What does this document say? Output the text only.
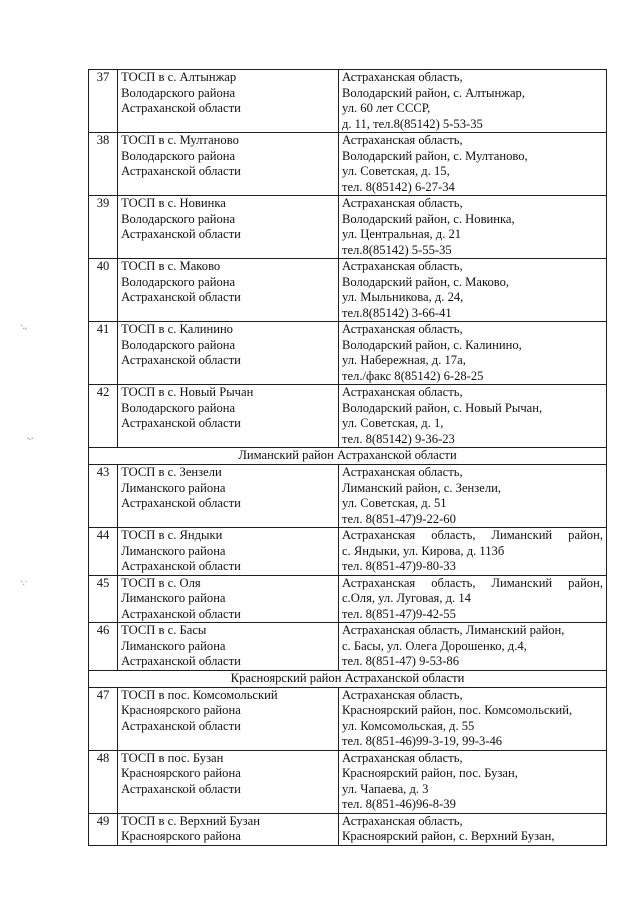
·.,
·-·
·.·
37	ТОСП в с. Алтынжар
Володарского района
Астраханской области	Астраханская область,
Володарский район, с. Алтынжар,
ул. 60 лет СССР,
д. 11, тел.8(85142) 5-53-35

38	ТОСП в с. Мултаново
Володарского района
Астраханской области	Астраханская область,
Володарский район, с. Мултаново,
ул. Советская, д. 15,
тел. 8(85142) 6-27-34

39	ТОСП в с. Новинка
Володарского района
Астраханской области	Астраханская область,
Володарский район, с. Новинка,
ул. Центральная, д. 21
тел.8(85142) 5-55-35

40	ТОСП в с. Маково
Володарского района
Астраханской области	Астраханская область,
Володарский район, с. Маково,
ул. Мыльникова, д. 24,
тел.8(85142) 3-66-41

41	ТОСП в с. Калинино
Володарского района
Астраханской области	Астраханская область,
Володарский район, с. Калинино,
ул. Набережная, д. 17а,
тел./факс 8(85142) 6-28-25

42	ТОСП в с. Новый Рычан
Володарского района
Астраханской области	Астраханская область,
Володарский район, с. Новый Рычан,
ул. Советская, д. 1,
тел. 8(85142) 9-36-23

Лиманский район Астраханской области		
43	ТОСП в с. Зензели
Лиманского района
Астраханской области	Астраханская область,
Лиманский район, с. Зензели,
ул. Советская, д. 51
тел. 8(851-47)9-22-60

44	ТОСП в с. Яндыки
Лиманского района
Астраханской области	Астраханская область, Лиманский район,
с. Яндыки, ул. Кирова, д. 113б
тел. 8(851-47)9-80-33

45	ТОСП в с. Оля
Лиманского района
Астраханской области	Астраханская область, Лиманский район,
с.Оля, ул. Луговая, д. 14
тел. 8(851-47)9-42-55

46	ТОСП в с. Басы
Лиманского района
Астраханской области	Астраханская область, Лиманский район,
с. Басы, ул. Олега Дорошенко, д.4,
тел. 8(851-47) 9-53-86

Красноярский район Астраханской области		
47	ТОСП в пос. Комсомольский
Красноярского района
Астраханской области	Астраханская область,
Красноярский район, пос. Комсомольский,
ул. Комсомольская, д. 55
тел. 8(851-46)99-3-19, 99-3-46

48	ТОСП в пос. Бузан
Красноярского района
Астраханской области	Астраханская область,
Красноярский район, пос. Бузан,
ул. Чапаева, д. 3
тел. 8(851-46)96-8-39

49	ТОСП в с. Верхний Бузан
Красноярского района	Астраханская область,
Красноярский район, с. Верхний Бузан,
